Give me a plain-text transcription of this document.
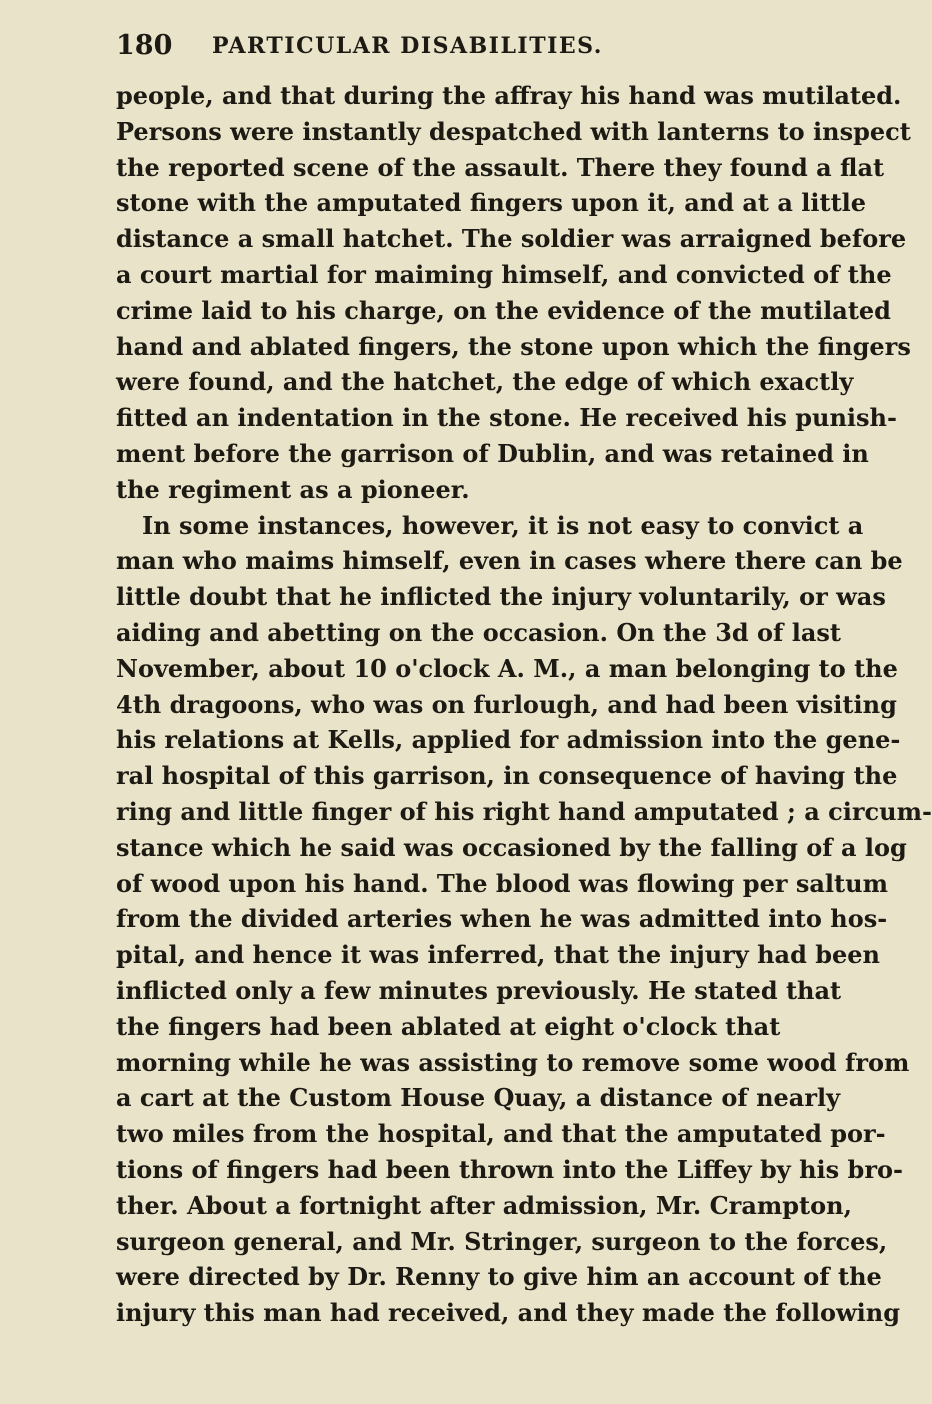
180 PARTICULAR DISABILITIES.
people, and that during the affray his hand was mutilated.
Persons were instantly despatched with lanterns to inspect
the reported scene of the assault. There they found a flat
stone with the amputated fingers upon it, and at a little
distance a small hatchet. The soldier was arraigned before
a court martial for maiming himself, and convicted of the
crime laid to his charge, on the evidence of the mutilated
hand and ablated fingers, the stone upon which the fingers
were found, and the hatchet, the edge of which exactly
fitted an indentation in the stone. He received his punish-
ment before the garrison of Dublin, and was retained in
the regiment as a pioneer.
In some instances, however, it is not easy to convict a
man who maims himself, even in cases where there can be
little doubt that he inflicted the injury voluntarily, or was
aiding and abetting on the occasion. On the 3d of last
November, about 10 o'clock A. M., a man belonging to the
4th dragoons, who was on furlough, and had been visiting
his relations at Kells, applied for admission into the gene-
ral hospital of this garrison, in consequence of having the
ring and little finger of his right hand amputated ; a circum-
stance which he said was occasioned by the falling of a log
of wood upon his hand. The blood was flowing per saltum
from the divided arteries when he was admitted into hos-
pital, and hence it was inferred, that the injury had been
inflicted only a few minutes previously. He stated that
the fingers had been ablated at eight o'clock that
morning while he was assisting to remove some wood from
a cart at the Custom House Quay, a distance of nearly
two miles from the hospital, and that the amputated por-
tions of fingers had been thrown into the Liffey by his bro-
ther. About a fortnight after admission, Mr. Crampton,
surgeon general, and Mr. Stringer, surgeon to the forces,
were directed by Dr. Renny to give him an account of the
injury this man had received, and they made the following
